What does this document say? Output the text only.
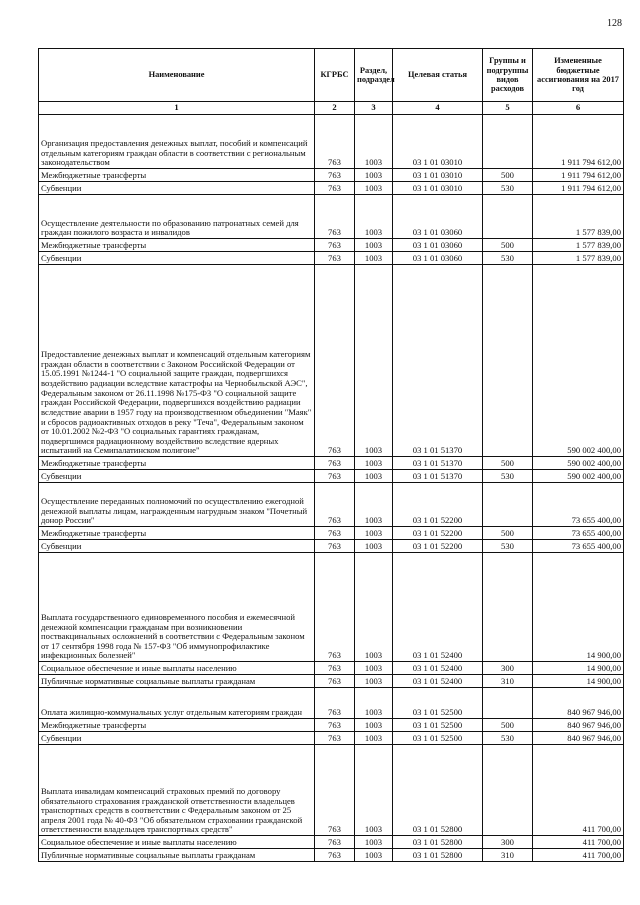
128
Наименование	КГРБС	Раздел, подраздел	Целевая статья	Группы и подгруппы видов расходов	Измененные бюджетные ассигнования на 2017 год
1	2	3	4	5	6
Организация предоставления денежных выплат, пособий и компенсаций отдельным категориям граждан области в соответствии с региональным законодательством	763	1003	03 1 01 03010		1 911 794 612,00
Межбюджетные трансферты	763	1003	03 1 01 03010	500	1 911 794 612,00
Субвенции	763	1003	03 1 01 03010	530	1 911 794 612,00
Осуществление деятельности по образованию патронатных семей для граждан пожилого возраста и инвалидов	763	1003	03 1 01 03060		1 577 839,00
Межбюджетные трансферты	763	1003	03 1 01 03060	500	1 577 839,00
Субвенции	763	1003	03 1 01 03060	530	1 577 839,00
Предоставление денежных выплат и компенсаций отдельным категориям граждан области в соответствии с Законом Российской Федерации от 15.05.1991 №1244-1 "О социальной защите граждан, подвергшихся воздействию радиации вследствие катастрофы на Чернобыльской АЭС", Федеральным законом от 26.11.1998 №175-ФЗ "О социальной защите граждан Российской Федерации, подвергшихся воздействию радиации вследствие аварии в 1957 году на производственном объединении "Маяк" и сбросов радиоактивных отходов в реку "Теча", Федеральным законом от 10.01.2002 №2-ФЗ "О социальных гарантиях гражданам, подвергшимся радиационному воздействию вследствие ядерных испытаний на Семипалатинском полигоне"	763	1003	03 1 01 51370		590 002 400,00
Межбюджетные трансферты	763	1003	03 1 01 51370	500	590 002 400,00
Субвенции	763	1003	03 1 01 51370	530	590 002 400,00
Осуществление переданных полномочий по осуществлению ежегодной денежной выплаты лицам, награжденным нагрудным знаком "Почетный донор России"	763	1003	03 1 01 52200		73 655 400,00
Межбюджетные трансферты	763	1003	03 1 01 52200	500	73 655 400,00
Субвенции	763	1003	03 1 01 52200	530	73 655 400,00
Выплата государственного единовременного пособия и ежемесячной денежной компенсации гражданам при возникновении поствакцинальных осложнений в соответствии с Федеральным законом от 17 сентября 1998 года № 157-ФЗ "Об иммунопрофилактике инфекционных болезней"	763	1003	03 1 01 52400		14 900,00
Социальное обеспечение и иные выплаты населению	763	1003	03 1 01 52400	300	14 900,00
Публичные нормативные социальные выплаты гражданам	763	1003	03 1 01 52400	310	14 900,00
Оплата жилищно-коммунальных услуг отдельным категориям граждан	763	1003	03 1 01 52500		840 967 946,00
Межбюджетные трансферты	763	1003	03 1 01 52500	500	840 967 946,00
Субвенции	763	1003	03 1 01 52500	530	840 967 946,00
Выплата инвалидам компенсаций страховых премий по договору обязательного страхования гражданской ответственности владельцев транспортных средств в соответствии с Федеральным законом от 25 апреля 2001 года № 40-ФЗ "Об обязательном страховании гражданской ответственности владельцев транспортных средств"	763	1003	03 1 01 52800		411 700,00
Социальное обеспечение и иные выплаты населению	763	1003	03 1 01 52800	300	411 700,00
Публичные нормативные социальные выплаты гражданам	763	1003	03 1 01 52800	310	411 700,00
